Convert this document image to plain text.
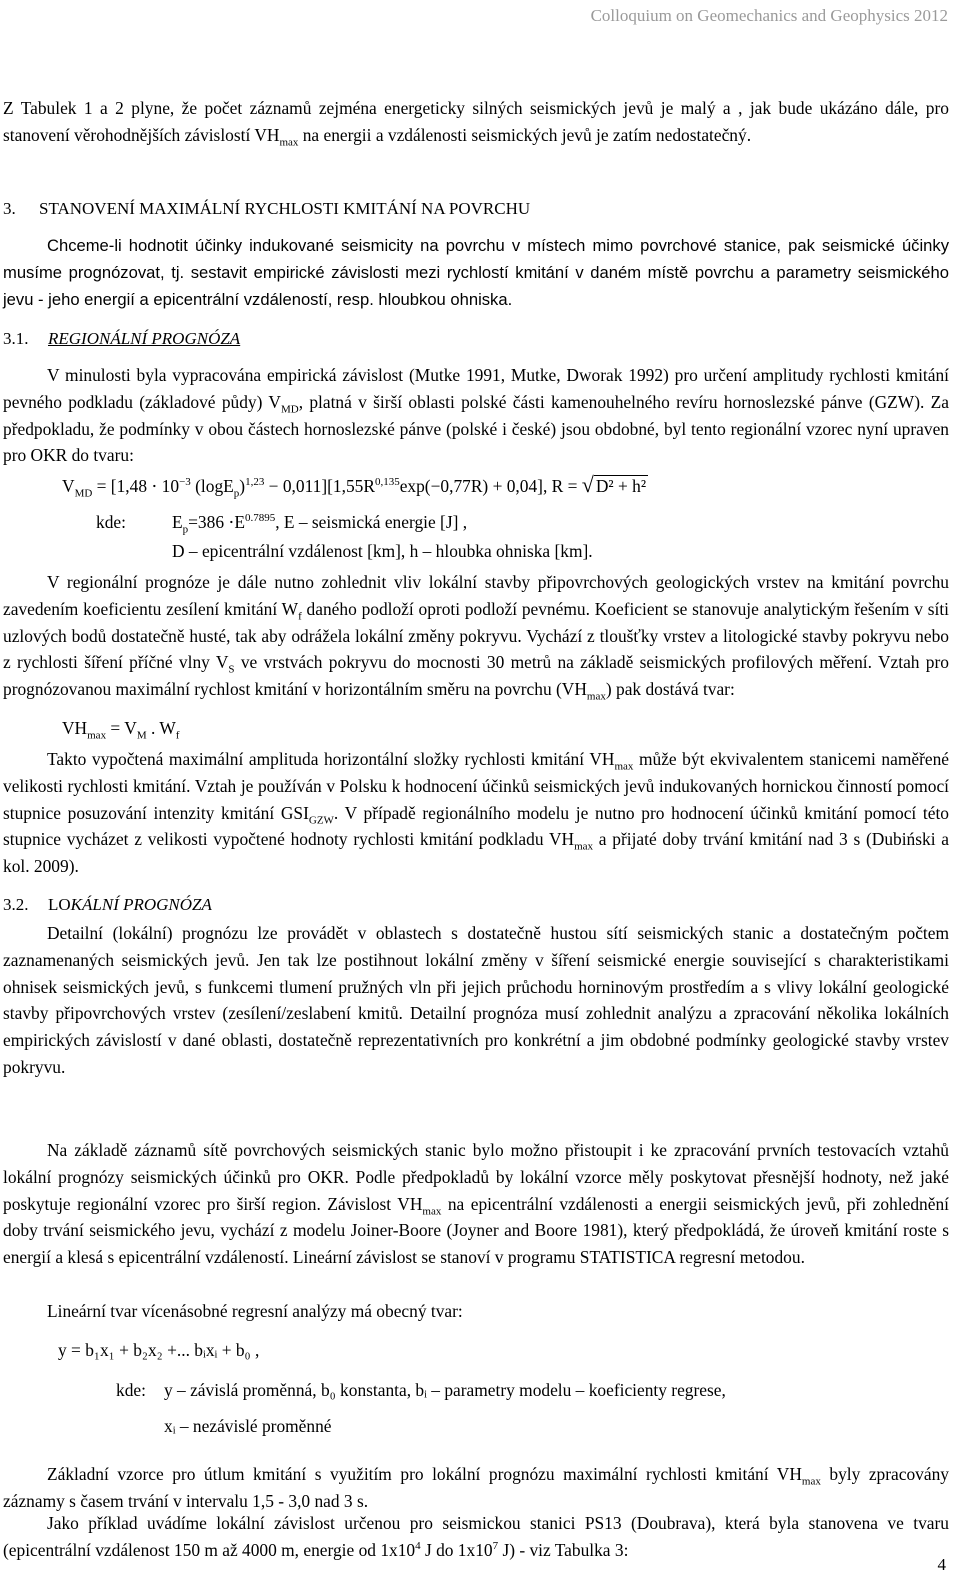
Colloquium on Geomechanics and Geophysics 2012

Z Tabulek 1 a 2 plyne, že počet záznamů zejména energeticky silných seismických jevů je malý a , jak bude ukázáno dále, pro stanovení věrohodnějších závislostí $VH_{max}$ na energii a vzdálenosti seismických jevů je zatím nedostatečný.

3. STANOVENÍ MAXIMÁLNÍ RYCHLOSTI KMITÁNÍ NA POVRCHU

Chceme-li hodnotit účinky indukované seismicity na povrchu v místech mimo povrchové stanice, pak seismické účinky musíme prognózovat, tj. sestavit empirické závislosti mezi rychlostí kmitání v daném místě povrchu a parametry seismického jevu - jeho energií a epicentrální vzdáleností, resp. hloubkou ohniska.

3.1. REGIONÁLNÍ PROGNÓZA

V minulosti byla vypracována empirická závislost (Mutke 1991, Mutke, Dworak 1992) pro určení amplitudy rychlosti kmitání pevného podkladu (základové půdy) $V_{MD}$, platná v širší oblasti polské části kamenouhelného revíru hornoslezské pánve (GZW). Za předpokladu, že podmínky v obou částech hornoslezské pánve (polské i české) jsou obdobné, byl tento regionální vzorec nyní upraven pro OKR do tvaru:

$V_{MD} = [1,48 \cdot 10^{-3}$ $(\log E_p)^{1,23} - 0,011][1,55R^{0,135}\exp(-0,77R) + 0,04]$, R = √ D² + h²
kde:	$E_p=386 \cdot E^{0.7895}$, E – seismická energie [J] ,
D – epicentrální vzdálenost [km], h – hloubka ohniska [km].

V regionální prognóze je dále nutno zohlednit vliv lokální stavby připovrchových geologických vrstev na kmitání povrchu zavedením koeficientu zesílení kmitání $W_f$ daného podloží oproti podloží pevnému. Koeficient se stanovuje analytickým řešením v síti uzlových bodů dostatečně husté, tak aby odrážela lokální změny pokryvu. Vychází z tloušťky vrstev a litologické stavby pokryvu nebo z rychlosti šíření příčné vlny $V_S$ ve vrstvách pokryvu do mocnosti 30 metrů na základě seismických profilových měření. Vztah pro prognózovanou maximální rychlost kmitání v horizontálním směru na povrchu $(VH_{max})$ pak dostává tvar:

$VH_{max} = V_M$ . $W_f$

Takto vypočtená maximální amplituda horizontální složky rychlosti kmitání $VH_{max}$ může být ekvivalentem stanicemi naměřené velikosti rychlosti kmitání. Vztah je používán v Polsku k hodnocení účinků seismických jevů indukovaných hornickou činností pomocí stupnice posuzování intenzity kmitání $GSI_{GZW}$. V případě regionálního modelu je nutno pro hodnocení účinků kmitání pomocí této stupnice vycházet z velikosti vypočtené hodnoty rychlosti kmitání podkladu $VH_{max}$ a přijaté doby trvání kmitání nad 3 s (Dubiński a kol. 2009).

3.2. LOKÁLNÍ PROGNÓZA

Detailní (lokální) prognózu lze provádět v oblastech s dostatečně hustou sítí seismických stanic a dostatečným počtem zaznamenaných seismických jevů. Jen tak lze postihnout lokální změny v šíření seismické energie související s charakteristikami ohnisek seismických jevů, s funkcemi tlumení pružných vln při jejich průchodu horninovým prostředím a s vlivy lokální geologické stavby připovrchových vrstev (zesílení/zeslabení kmitů. Detailní prognóza musí zohlednit analýzu a zpracování několika lokálních empirických závislostí v dané oblasti, dostatečně reprezentativních pro konkrétní a jim obdobné podmínky geologické stavby vrstev pokryvu.

Na základě záznamů sítě povrchových seismických stanic bylo možno přistoupit i ke zpracování prvních testovacích vztahů lokální prognózy seismických účinků pro OKR. Podle předpokladů by lokální vzorce měly poskytovat přesnější hodnoty, než jaké poskytuje regionální vzorec pro širší region. Závislost $VH_{max}$ na epicentrální vzdálenosti a energii seismických jevů, při zohlednění doby trvání seismického jevu, vychází z modelu Joiner-Boore (Joyner and Boore 1981), který předpokládá, že úroveň kmitání roste s energií a klesá s epicentrální vzdáleností. Lineární závislost se stanoví v programu STATISTICA regresní metodou.

Lineární tvar vícenásobné regresní analýzy má obecný tvar:

y = b₁x₁ + b₂x₂ +... bᵢxᵢ + b₀ ,
kde: y – závislá proměnná, b₀ konstanta, bᵢ – parametry modelu – koeficienty regrese,
xᵢ – nezávislé proměnné

Základní vzorce pro útlum kmitání s využitím pro lokální prognózu maximální rychlosti kmitání $VH_{max}$ byly zpracovány záznamy s časem trvání v intervalu 1,5 - 3,0 nad 3 s.

Jako příklad uvádíme lokální závislost určenou pro seismickou stanici PS13 (Doubrava), která byla stanovena ve tvaru (epicentrální vzdálenost 150 m až 4000 m, energie od $1x10^4$ J do $1x10^7$ J) - viz Tabulka 3:

4
